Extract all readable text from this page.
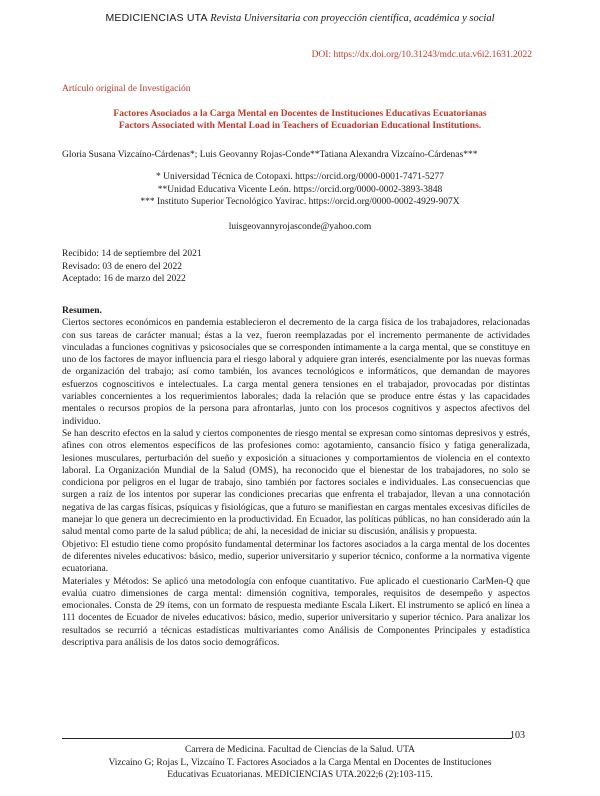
MEDICIENCIAS UTA Revista Universitaria con proyección científica, académica y social
DOI: https://dx.doi.org/10.31243/mdc.uta.v6i2.1631.2022
Artículo original de Investigación
Factores Asociados a la Carga Mental en Docentes de Instituciones Educativas Ecuatorianas
Factors Associated with Mental Load in Teachers of Ecuadorian Educational Institutions.
Gloria Susana Vizcaíno-Cárdenas*; Luis Geovanny Rojas-Conde**Tatiana Alexandra Vizcaíno-Cárdenas***
* Universidad Técnica de Cotopaxi. https://orcid.org/0000-0001-7471-5277
**Unidad Educativa Vicente León. https://orcid.org/0000-0002-3893-3848
*** Instituto Superior Tecnológico Yavirac. https://orcid.org/0000-0002-4929-907X
luisgeovannyrojasconde@yahoo.com
Recibido: 14 de septiembre del 2021
Revisado: 03 de enero del 2022
Aceptado: 16 de marzo del 2022
Resumen.

Ciertos sectores económicos en pandemia establecieron el decremento de la carga física de los trabajadores, relacionadas con sus tareas de carácter manual; éstas a la vez, fueron reemplazadas por el incremento permanente de actividades vinculadas a funciones cognitivas y psicosociales que se corresponden íntimamente a la carga mental, que se constituye en uno de los factores de mayor influencia para el riesgo laboral y adquiere gran interés, esencialmente por las nuevas formas de organización del trabajo; así como también, los avances tecnológicos e informáticos, que demandan de mayores esfuerzos cognoscitivos e intelectuales. La carga mental genera tensiones en el trabajador, provocadas por distintas variables concernientes a los requerimientos laborales; dada la relación que se produce entre éstas y las capacidades mentales o recursos propios de la persona para afrontarlas, junto con los procesos cognitivos y aspectos afectivos del individuo.

Se han descrito efectos en la salud y ciertos componentes de riesgo mental se expresan como síntomas depresivos y estrés, afines con otros elementos específicos de las profesiones como: agotamiento, cansancio físico y fatiga generalizada, lesiones musculares, perturbación del sueño y exposición a situaciones y comportamientos de violencia en el contexto laboral. La Organización Mundial de la Salud (OMS), ha reconocido que el bienestar de los trabajadores, no solo se condiciona por peligros en el lugar de trabajo, sino también por factores sociales e individuales. Las consecuencias que surgen a raíz de los intentos por superar las condiciones precarias que enfrenta el trabajador, llevan a una connotación negativa de las cargas físicas, psíquicas y fisiológicas, que a futuro se manifiestan en cargas mentales excesivas difíciles de manejar lo que genera un decrecimiento en la productividad. En Ecuador, las políticas públicas, no han considerado aún la salud mental como parte de la salud pública; de ahí, la necesidad de iniciar su discusión, análisis y propuesta.

Objetivo: El estudio tiene como propósito fundamental determinar los factores asociados a la carga mental de los docentes de diferentes niveles educativos: básico, medio, superior universitario y superior técnico, conforme a la normativa vigente ecuatoriana.

Materiales y Métodos: Se aplicó una metodología con enfoque cuantitativo. Fue aplicado el cuestionario CarMen-Q que evalúa cuatro dimensiones de carga mental: dimensión cognitiva, temporales, requisitos de desempeño y aspectos emocionales. Consta de 29 ítems, con un formato de respuesta mediante Escala Likert. El instrumento se aplicó en línea a 111 docentes de Ecuador de niveles educativos: básico, medio, superior universitario y superior técnico. Para analizar los resultados se recurrió a técnicas estadísticas multivariantes como Análisis de Componentes Principales y estadística descriptiva para análisis de los datos socio demográficos.

103
Carrera de Medicina. Facultad de Ciencias de la Salud. UTA
Vizcaíno G; Rojas L, Vizcaíno T. Factores Asociados a la Carga Mental en Docentes de Instituciones
Educativas Ecuatorianas. MEDICIENCIAS UTA.2022;6 (2):103-115.
